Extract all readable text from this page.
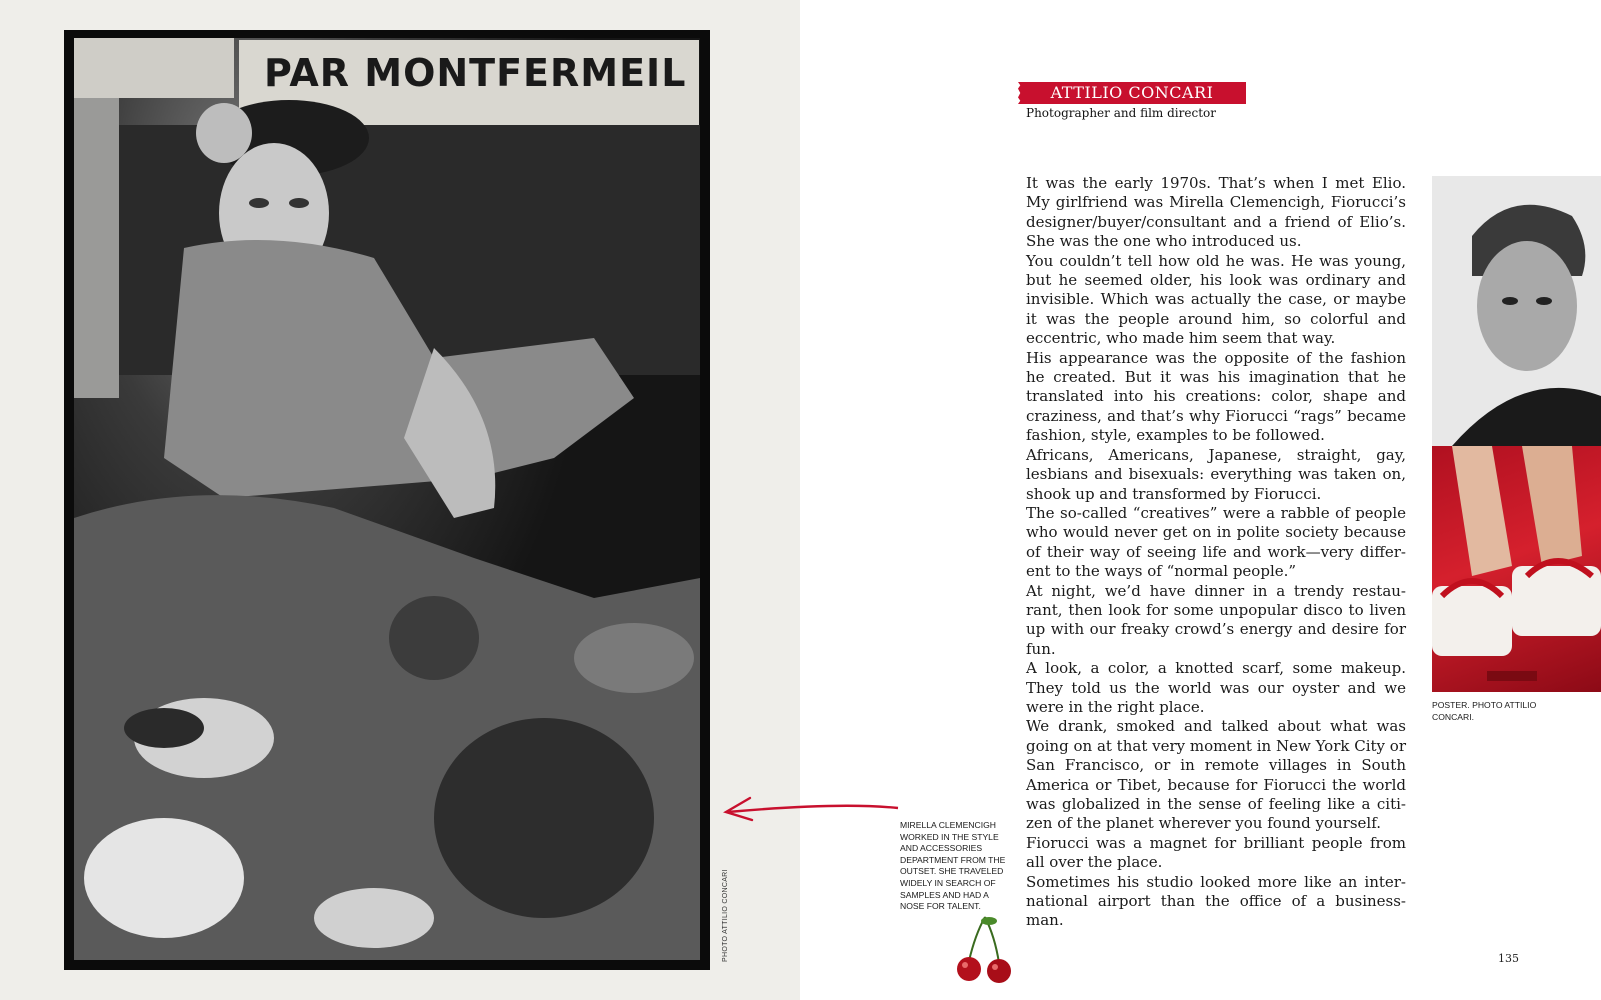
PAR MONTFERMEIL
PHOTO ATTILIO CONCARI
MIRELLA CLEMENCIGH WORKED IN THE STYLE AND ACCESSORIES DEPARTMENT FROM THE OUTSET. SHE TRAVELED WIDELY IN SEARCH OF SAMPLES AND HAD A NOSE FOR TALENT.
ATTILIO CONCARI
Photographer and film director

It was the early 1970s. That’s when I met Elio. My girlfriend was Mirella Clemencigh, Fiorucci’s designer/buyer/consultant and a friend of Elio’s. She was the one who introduced us.

You couldn’t tell how old he was. He was young, but he seemed older, his look was ordinary and invisible. Which was actually the case, or maybe it was the people around him, so colorful and eccentric, who made him seem that way.

His appearance was the opposite of the fashion he created. But it was his imagination that he translated into his creations: color, shape and craziness, and that’s why Fiorucci “rags” became fashion, style, examples to be followed.

Africans, Americans, Japanese, straight, gay, lesbians and bisexuals: everything was taken on, shook up and transformed by Fiorucci.

The so-called “creatives” were a rabble of people who would never get on in polite society because of their way of seeing life and work—very differ-ent to the ways of “normal people.”

At night, we’d have dinner in a trendy restau-rant, then look for some unpopular disco to liven up with our freaky crowd’s energy and desire for fun.

A look, a color, a knotted scarf, some makeup. They told us the world was our oyster and we were in the right place.

We drank, smoked and talked about what was going on at that very moment in New York City or San Francisco, or in remote villages in South America or Tibet, because for Fiorucci the world was globalized in the sense of feeling like a citi-zen of the planet wherever you found yourself.

Fiorucci was a magnet for brilliant people from all over the place.

Sometimes his studio looked more like an inter-national airport than the office of a business-man.

POSTER. PHOTO ATTILIO CONCARI.
135
